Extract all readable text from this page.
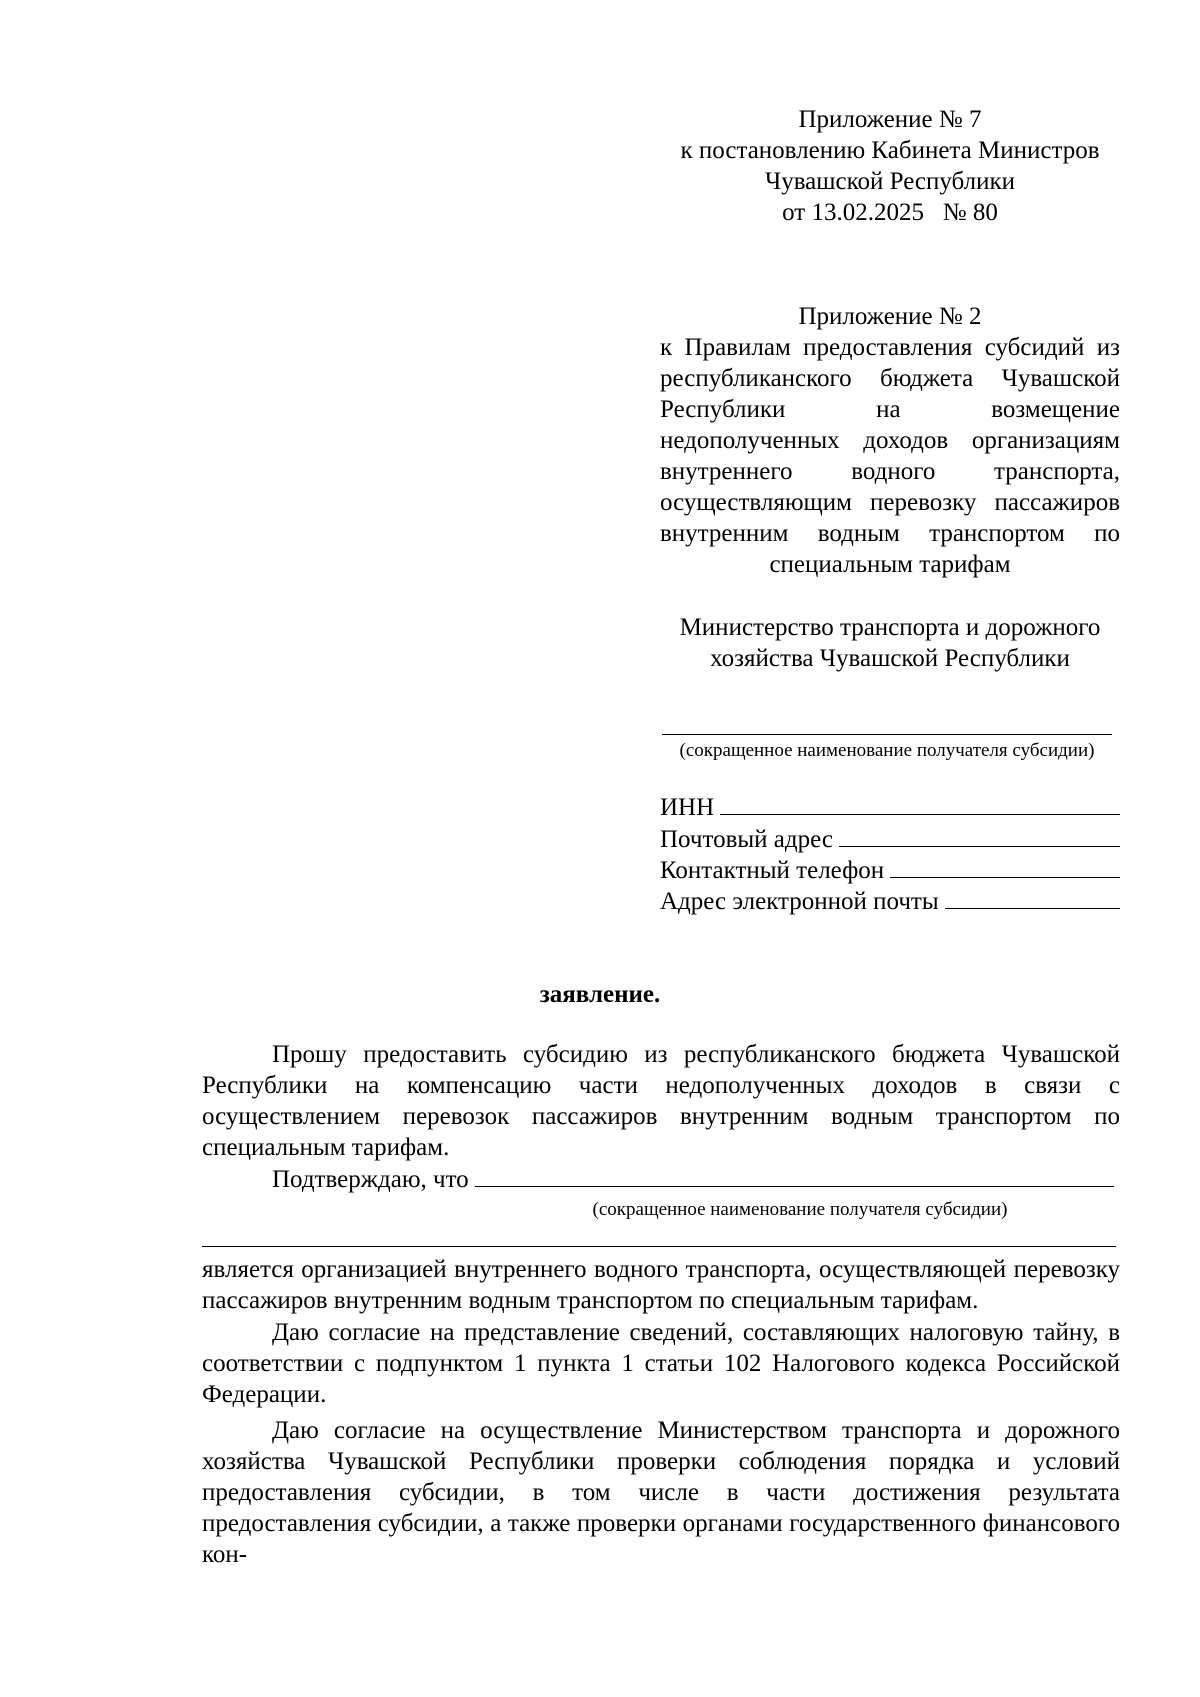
Приложение № 7
к постановлению Кабинета Министров
Чувашской Республики
от 13.02.2025   № 80
Приложение № 2
к Правилам предоставления субсидий из республиканского бюджета Чувашской Республики на возмещение недополученных доходов организациям внутреннего водного транспорта, осуществляющим перевозку пассажиров внутренним водным транспортом по специальным тарифам
Министерство транспорта и дорожного
хозяйства Чувашской Республики
(сокращенное наименование получателя субсидии)
ИНН
Почтовый адрес
Контактный телефон
Адрес электронной почты
заявление.

Прошу предоставить субсидию из республиканского бюджета Чувашской Республики на компенсацию части недополученных доходов в связи с осуществлением перевозок пассажиров внутренним водным транспортом по специальным тарифам.

Подтверждаю, что
(сокращенное наименование получателя субсидии)

является организацией внутреннего водного транспорта, осуществляющей перевозку пассажиров внутренним водным транспортом по специальным тарифам.

Даю согласие на представление сведений, составляющих налоговую тайну, в соответствии с подпунктом 1 пункта 1 статьи 102 Налогового кодекса Российской Федерации.

Даю согласие на осуществление Министерством транспорта и дорожного хозяйства Чувашской Республики проверки соблюдения порядка и условий предоставления субсидии, в том числе в части достижения результата предоставления субсидии, а также проверки органами государственного финансового кон-
